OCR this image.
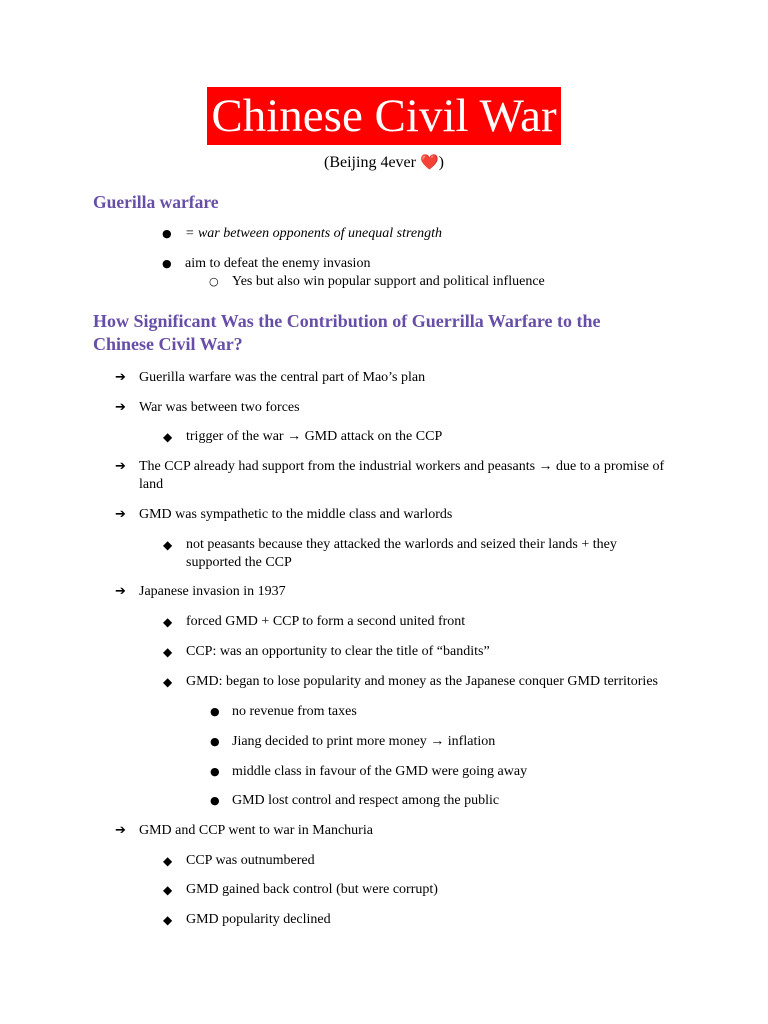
Chinese Civil War
(Beijing 4ever ❤️)
Guerilla warfare
● = war between opponents of unequal strength
● aim to defeat the enemy invasion
○ Yes but also win popular support and political influence
How Significant Was the Contribution of Guerrilla Warfare to the
Chinese Civil War?
➔ Guerilla warfare was the central part of Mao’s plan
➔ War was between two forces
◆ trigger of the war → GMD attack on the CCP
➔ The CCP already had support from the industrial workers and peasants → due to a promise of
land
➔ GMD was sympathetic to the middle class and warlords
◆ not peasants because they attacked the warlords and seized their lands + they
supported the CCP
➔ Japanese invasion in 1937
◆ forced GMD + CCP to form a second united front
◆ CCP: was an opportunity to clear the title of “bandits”
◆ GMD: began to lose popularity and money as the Japanese conquer GMD territories
● no revenue from taxes
● Jiang decided to print more money → inflation
● middle class in favour of the GMD were going away
● GMD lost control and respect among the public
➔ GMD and CCP went to war in Manchuria
◆ CCP was outnumbered
◆ GMD gained back control (but were corrupt)
◆ GMD popularity declined
